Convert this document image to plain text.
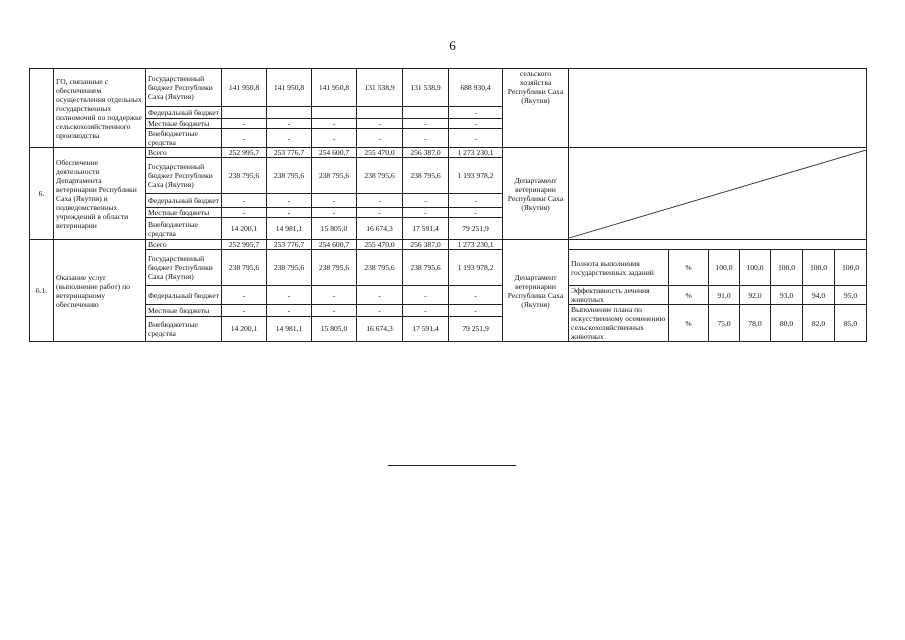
6
	ГО, связанные с обеспечением осуществления отдельных государственных полномочий по поддержке сельскохозяйственного производства	Государственный бюджет Республики Саха (Якутия)	141 950,8	141 950,8	141 950,8	131 538,9	131 538,9	688 930,4	сельского хозяйства Республики Саха (Якутия)							
		Федеральный бюджет						-								
		Местные бюджеты	-	-	-	-	-	-								
		Внебюджетные средства	-	-	-	-	-	-								
6.	Обеспечение деятельности Департамента ветеринарии Республики Саха (Якутия) и подведомственных учреждений в области ветеринарии	Всего	252 995,7	253 776,7	254 600,7	255 470,0	256 387,0	1 273 230,1	Департамент ветеринарии Республики Саха (Якутия)	

		Государственный бюджет Республики Саха (Якутия)	238 795,6	238 795,6	238 795,6	238 795,6	238 795,6	1 193 978,2								
		Федеральный бюджет	-	-	-	-	-	-								
		Местные бюджеты	-	-	-	-	-	-								
		Внебюджетные средства	14 200,1	14 981,1	15 805,0	16 674,3	17 591,4	79 251,9								
6.1.	Оказание услуг (выполнение работ) по ветеринарному обеспечению	Всего	252 995,7	253 776,7	254 600,7	255 470,0	256 387,0	1 273 230,1	Департамент ветеринарии Республики Саха (Якутия)							
		Государственный бюджет Республики Саха (Якутия)	238 795,6	238 795,6	238 795,6	238 795,6	238 795,6	1 193 978,2		Полнота выполнения государственных заданий	%	100,0	100,0	100,0	100,0	100,0
		Федеральный бюджет	-	-	-	-	-	-		Эффективность лечения животных	%	91,0	92,0	93,0	94,0	95,0
		Местные бюджеты	-	-	-	-	-	-		Выполнение плана по искусственному осеменению сельскохозяйственных животных	%	75,0	78,0	80,0	82,0	85,0
		Внебюджетные средства	14 200,1	14 981,1	15 805,0	16 674,3	17 591,4	79 251,9								
